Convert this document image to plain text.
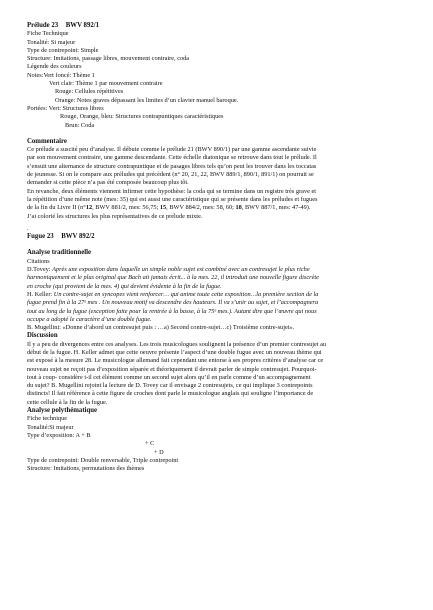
Prélude 23 BWV 892/1
Fiche Technique
Tonalité: Si majeur
Type de contrepoint: Simple
Structure: Imitations, passage libres, mouvement contraire, coda
Légende des couleurs
Notes:Vert foncé: Thème 1
Vert clair: Thème 1 par mouvement contraire
Rouge: Cellules répétitives
Orange: Notes graves dépassant les limites d’un clavier manuel baroque.
Portées: Vert: Structures libres
Rouge, Orange, bleu: Structures contrapuntiques caractéristiques
Brun: Coda
Commentaire
Ce prélude a suscité peu d’analyse. Il débute comme le prélude 21 (BWV 890/1) par une gamme ascendante suivie
par son mouvement contraire, une gamme descendante. Cette échelle diatonique se retrouve dans tout le prélude. Il
s’ensuit une alternance de structure contrapuntique et de pasages libres tels qu’on peut les trouver dans les toccatas
de jeunesse. Si on le compare aux préludes qui précèdent (n° 20, 21, 22, BWV 889/1, 890/1, 891/1) on pourrait se
demander si cette pièce n’a pas été composée beaucoup plus tôt.
En revanche, deux éléments viennent infirmer cette hypothèse: la coda qui se termine dans un registre très grave et
la répétition d’une même note (mes: 35) qui est aussi une caractéristique qui se présente dans les préludes et fugues
de la fin du Livre II (n°12, BWV 881/2, mes: 56,75; 15, BWV 884/2, mes: 58, 60; 18, BWV 887/1, mes: 47-49).
J’ai colorié les structures les plus représentatives de ce prélude mixte.
.
Fugue 23 BWV 892/2
Analyse traditionnelle
Citations
D.Tovey: Après une exposition dans laquelle un simple noble sujet est combiné avec un contresujet le plus riche
harmoniquement et le plus original que Bach ait jamais écrit... à la mes. 22, il introduit une nouvelle figure discrète
en croche (qui provient de la mes. 4) qui devient évidente à la fin de la fugue.
H. Keller: Un contre-sujet en syncopes vient renforcer… qui anime toute cette exposition…la première section de la
fugue prend fin à la 27ᵉ mes . Un nouveau motif va descendre des hauteurs. Il va s’unir au sujet, et l’accompagnera
tout au long de la fugue (exception faite pour la rentrée à la basse, à la 75ᵉ mes.). Autant dire que l’œuvre qui nous
occupe a adopté le caractère d’une double fugue.
B. Mugellini: «Donne d’abord un contresujet puis : …a) Second contre-sujet…c) Troisième contre-sujet».
Discussion
Il y a peu de divergences entre ces analyses. Les trois musicologues soulignent la présence d’un premier contresujet au
début de la fugue. H. Keller admet que cette oeuvre présente l’aspect d’une double fugue avec un nouveau thème qui
est exposé à la mesure 28. Le musicologue allemand fait cependant une entorse à ses propres critères d’analyse car ce
nouveau sujet ne reçoit pas d’exposition séparée et théoriquement il devrait parler de simple contresujet. Pourquoi-
tout à coup- considère t-il cet élément comme un second sujet alors qu’il en parle comme d’un accompagnement
du sujet? B. Mugellini rejoint la lecture de D. Tovey car il envisage 2 contresujets, ce qui implique 3 contrepoints
distincts! Il fait référence à cette figure de croches dont parle le musicologue anglais qui souligne l’importance de
cette cellule à la fin de la fugue.
Analyse polythématique
Fiche technique
Tonalité:Si majeur
Type d’exposition: A + B
+ C
+ D
Type de contrepoint: Double renversable, Triple contrepoint
Structure: Imitations, permutations des thèmes
